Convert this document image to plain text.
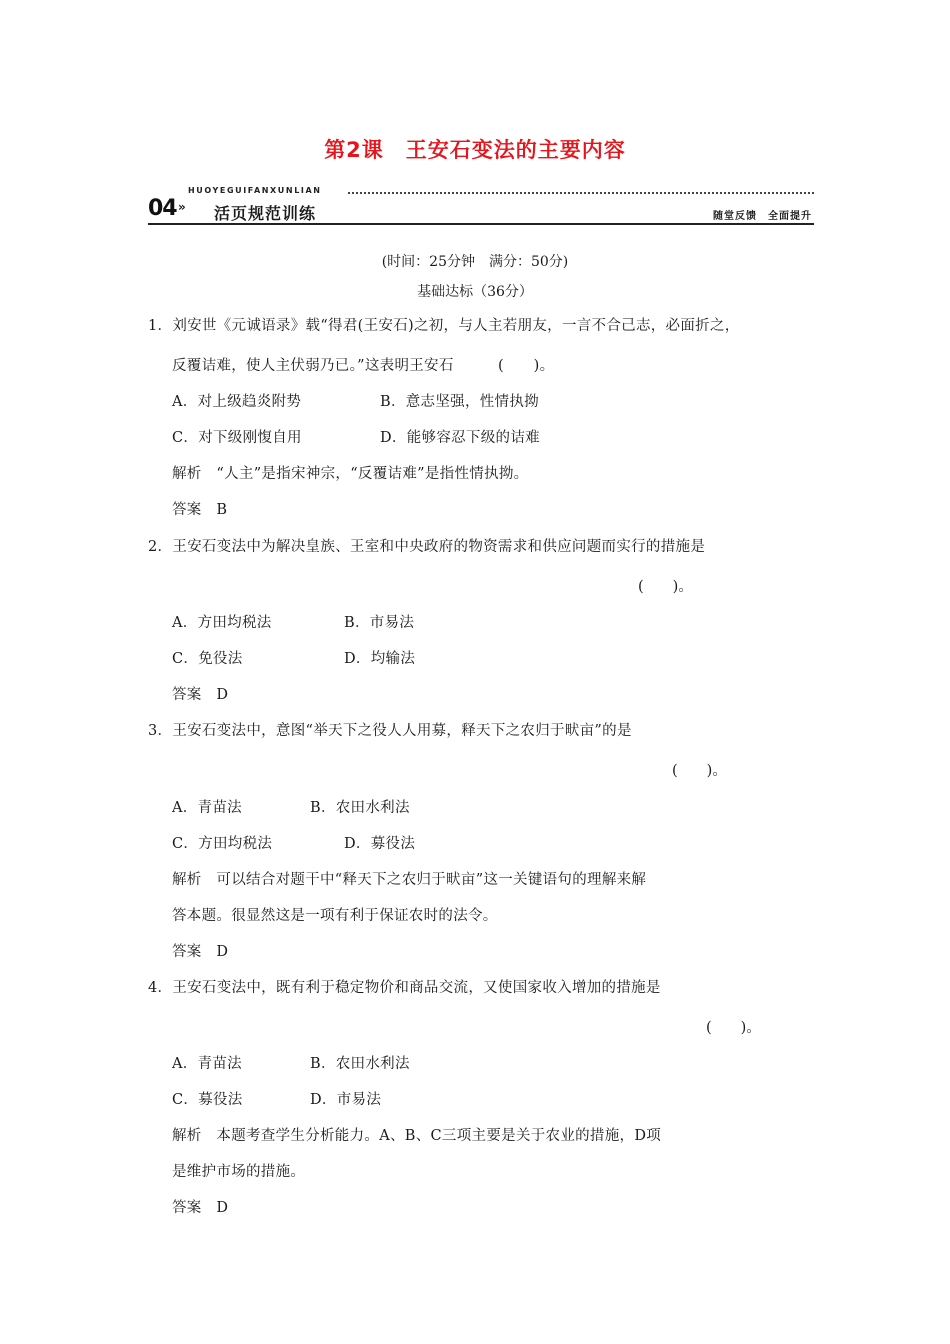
第2课　王安石变法的主要内容
HUOYEGUIFANXUNLIAN
04 » 活页规范训练	随堂反馈　全面提升
(时间：25分钟　满分：50分)
基础达标（36分）
1．刘安世《元诚语录》载“得君(王安石)之初，与人主若朋友，一言不合己志，必面折之，
反覆诘难，使人主伏弱乃已。”这表明王安石　　　(　　)。
A．对上级趋炎附势	B．意志坚强，性情执拗
C．对下级刚愎自用	D．能够容忍下级的诘难
解析　“人主”是指宋神宗，“反覆诘难”是指性情执拗。
答案　B
2．王安石变法中为解决皇族、王室和中央政府的物资需求和供应问题而实行的措施是
(　　)。
A．方田均税法	B．市易法
C．免役法	D．均输法
答案　D
3．王安石变法中，意图“举天下之役人人用募，释天下之农归于畎亩”的是
(　　)。
A．青苗法	B．农田水利法
C．方田均税法	D．募役法
解析　可以结合对题干中“释天下之农归于畎亩”这一关键语句的理解来解
答本题。很显然这是一项有利于保证农时的法令。
答案　D
4．王安石变法中，既有利于稳定物价和商品交流，又使国家收入增加的措施是
(　　)。
A．青苗法	B．农田水利法
C．募役法	D．市易法
解析　本题考查学生分析能力。A、B、C三项主要是关于农业的措施，D项
是维护市场的措施。
答案　D
